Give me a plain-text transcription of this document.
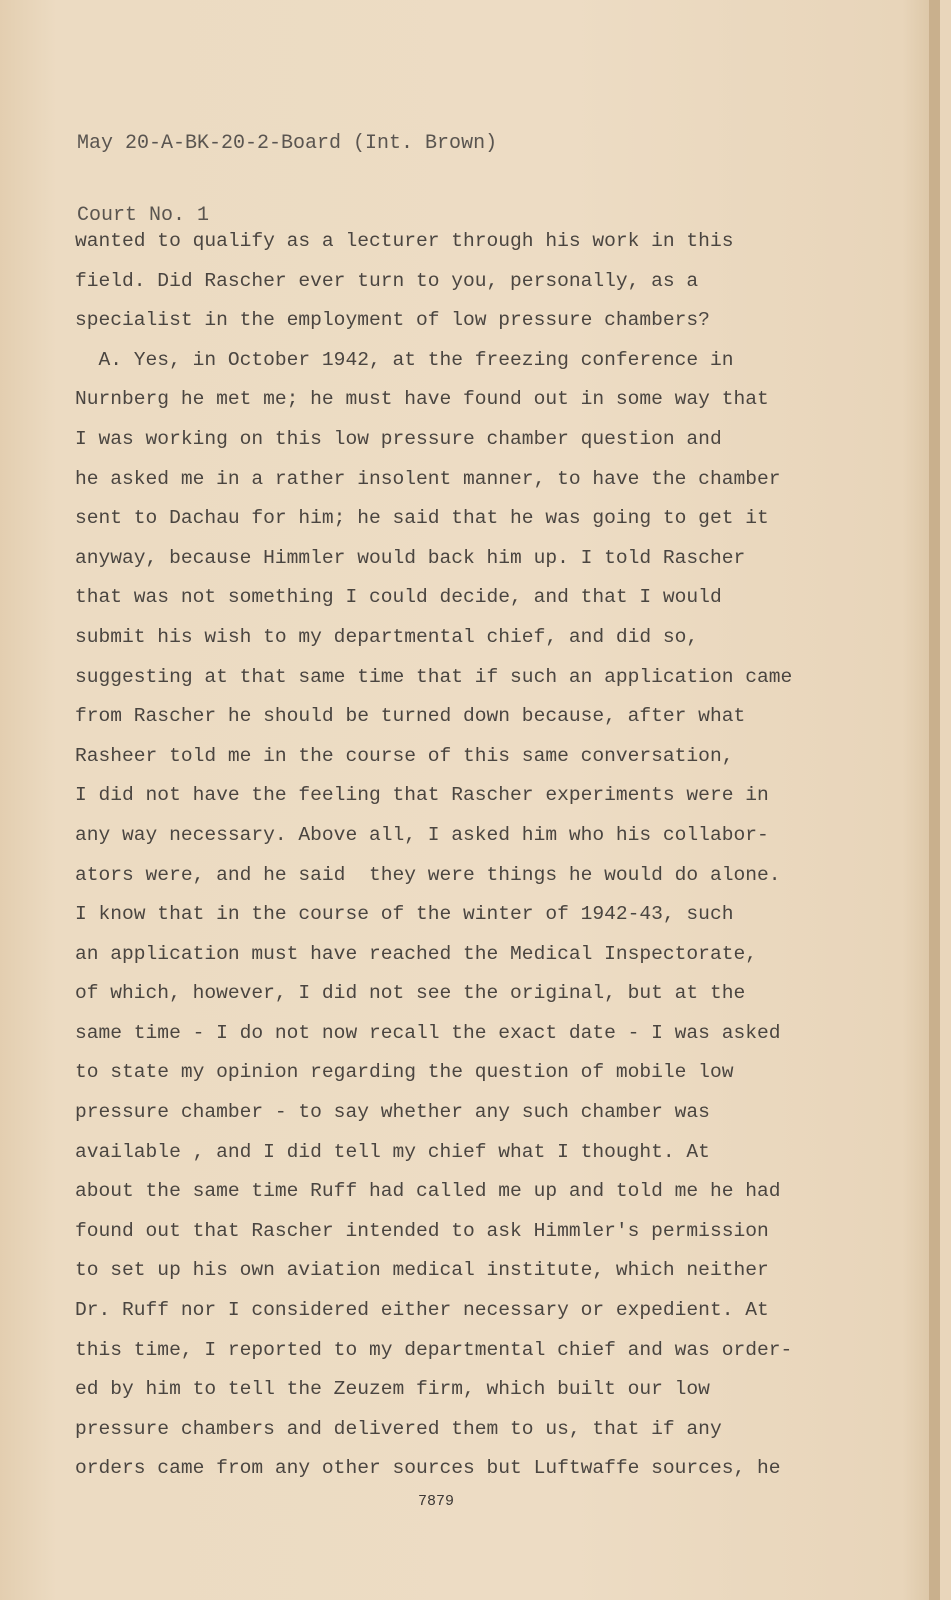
May 20-A-BK-20-2-Board (Int. Brown)

Court No. 1

wanted to qualify as a lecturer through his work in this
field. Did Rascher ever turn to you, personally, as a
specialist in the employment of low pressure chambers?
A. Yes, in October 1942, at the freezing conference in
Nurnberg he met me; he must have found out in some way that
I was working on this low pressure chamber question and
he asked me in a rather insolent manner, to have the chamber
sent to Dachau for him; he said that he was going to get it
anyway, because Himmler would back him up. I told Rascher
that was not something I could decide, and that I would
submit his wish to my departmental chief, and did so,
suggesting at that same time that if such an application came
from Rascher he should be turned down because, after what
Rasheer told me in the course of this same conversation,
I did not have the feeling that Rascher experiments were in
any way necessary. Above all, I asked him who his collabor-
ators were, and he said  they were things he would do alone.
I know that in the course of the winter of 1942-43, such
an application must have reached the Medical Inspectorate,
of which, however, I did not see the original, but at the
same time - I do not now recall the exact date - I was asked
to state my opinion regarding the question of mobile low
pressure chamber - to say whether any such chamber was
available , and I did tell my chief what I thought. At
about the same time Ruff had called me up and told me he had
found out that Rascher intended to ask Himmler's permission
to set up his own aviation medical institute, which neither
Dr. Ruff nor I considered either necessary or expedient. At
this time, I reported to my departmental chief and was order-
ed by him to tell the Zeuzem firm, which built our low
pressure chambers and delivered them to us, that if any
orders came from any other sources but Luftwaffe sources, he
7879
